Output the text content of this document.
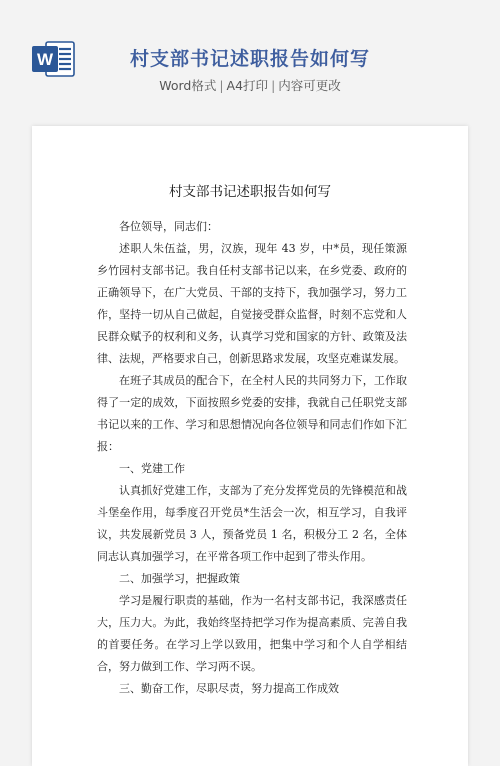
W	村支部书记述职报告如何写
Word格式 | A4打印 | 内容可更改
村支部书记述职报告如何写

各位领导，同志们：

述职人朱伍益，男，汉族，现年 43 岁，中*员，现任策源乡竹园村支部书记。我自任村支部书记以来，在乡党委、政府的正确领导下，在广大党员、干部的支持下，我加强学习，努力工作，坚持一切从自己做起，自觉接受群众监督，时刻不忘党和人民群众赋予的权利和义务，认真学习党和国家的方针、政策及法律、法规，严格要求自己，创新思路求发展，攻坚克难谋发展。

在班子其成员的配合下，在全村人民的共同努力下，工作取得了一定的成效，下面按照乡党委的安排，我就自己任职党支部书记以来的工作、学习和思想情况向各位领导和同志们作如下汇报：

一、党建工作

认真抓好党建工作，支部为了充分发挥党员的先锋模范和战斗堡垒作用，每季度召开党员*生活会一次，相互学习，自我评议，共发展新党员 3 人，预备党员 1 名，积极分工 2 名，全体同志认真加强学习，在平常各项工作中起到了带头作用。

二、加强学习，把握政策

学习是履行职责的基础，作为一名村支部书记，我深感责任大，压力大。为此，我始终坚持把学习作为提高素质、完善自我的首要任务。在学习上学以致用，把集中学习和个人自学相结合，努力做到工作、学习两不误。

三、勤奋工作，尽职尽责，努力提高工作成效
